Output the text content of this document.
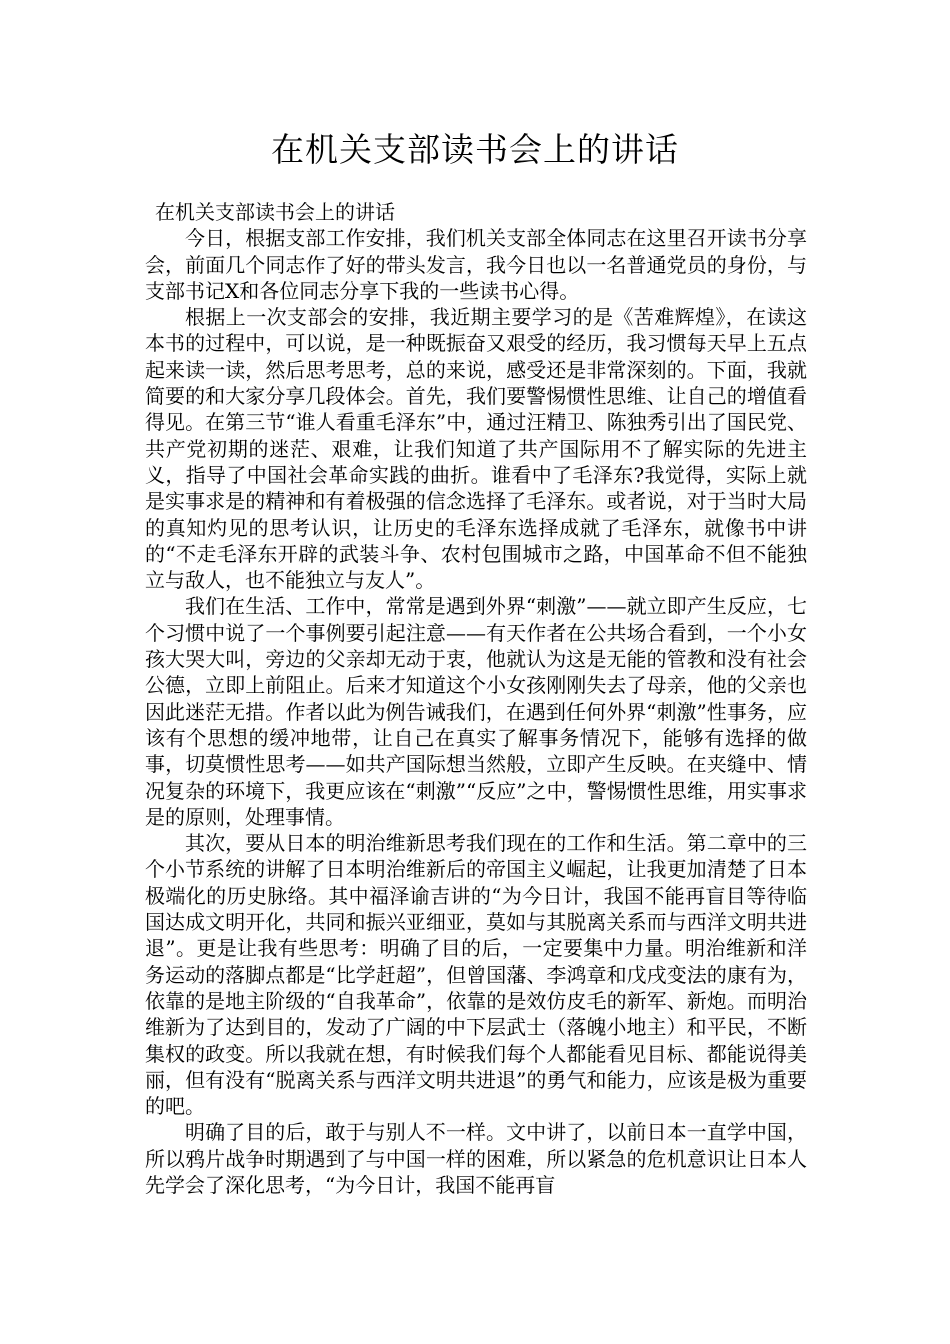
在机关支部读书会上的讲话

在机关支部读书会上的讲话

今日，根据支部工作安排，我们机关支部全体同志在这里召开读书分享会，前面几个同志作了好的带头发言，我今日也以一名普通党员的身份，与支部书记X和各位同志分享下我的一些读书心得。

根据上一次支部会的安排，我近期主要学习的是《苦难辉煌》，在读这本书的过程中，可以说，是一种既振奋又艰受的经历，我习惯每天早上五点起来读一读，然后思考思考，总的来说，感受还是非常深刻的。下面，我就简要的和大家分享几段体会。首先，我们要警惕惯性思维、让自己的增值看得见。在第三节“谁人看重毛泽东”中，通过汪精卫、陈独秀引出了国民党、共产党初期的迷茫、艰难，让我们知道了共产国际用不了解实际的先进主义，指导了中国社会革命实践的曲折。谁看中了毛泽东?我觉得，实际上就是实事求是的精神和有着极强的信念选择了毛泽东。或者说，对于当时大局的真知灼见的思考认识，让历史的毛泽东选择成就了毛泽东，就像书中讲的“不走毛泽东开辟的武装斗争、农村包围城市之路，中国革命不但不能独立与敌人，也不能独立与友人”。

我们在生活、工作中，常常是遇到外界“刺激”——就立即产生反应，七个习惯中说了一个事例要引起注意——有天作者在公共场合看到，一个小女孩大哭大叫，旁边的父亲却无动于衷，他就认为这是无能的管教和没有社会公德，立即上前阻止。后来才知道这个小女孩刚刚失去了母亲，他的父亲也因此迷茫无措。作者以此为例告诫我们，在遇到任何外界“刺激”性事务，应该有个思想的缓冲地带，让自己在真实了解事务情况下，能够有选择的做事，切莫惯性思考——如共产国际想当然般，立即产生反映。在夹缝中、情况复杂的环境下，我更应该在“刺激”“反应”之中，警惕惯性思维，用实事求是的原则，处理事情。

其次，要从日本的明治维新思考我们现在的工作和生活。第二章中的三个小节系统的讲解了日本明治维新后的帝国主义崛起，让我更加清楚了日本极端化的历史脉络。其中福泽谕吉讲的“为今日计，我国不能再盲目等待临国达成文明开化，共同和振兴亚细亚，莫如与其脱离关系而与西洋文明共进退”。更是让我有些思考：明确了目的后，一定要集中力量。明治维新和洋务运动的落脚点都是“比学赶超”，但曾国藩、李鸿章和戊戌变法的康有为，依靠的是地主阶级的“自我革命”，依靠的是效仿皮毛的新军、新炮。而明治维新为了达到目的，发动了广阔的中下层武士（落魄小地主）和平民，不断集权的政变。所以我就在想，有时候我们每个人都能看见目标、都能说得美丽，但有没有“脱离关系与西洋文明共进退”的勇气和能力，应该是极为重要的吧。

明确了目的后，敢于与别人不一样。文中讲了，以前日本一直学中国，所以鸦片战争时期遇到了与中国一样的困难，所以紧急的危机意识让日本人先学会了深化思考，“为今日计，我国不能再盲
